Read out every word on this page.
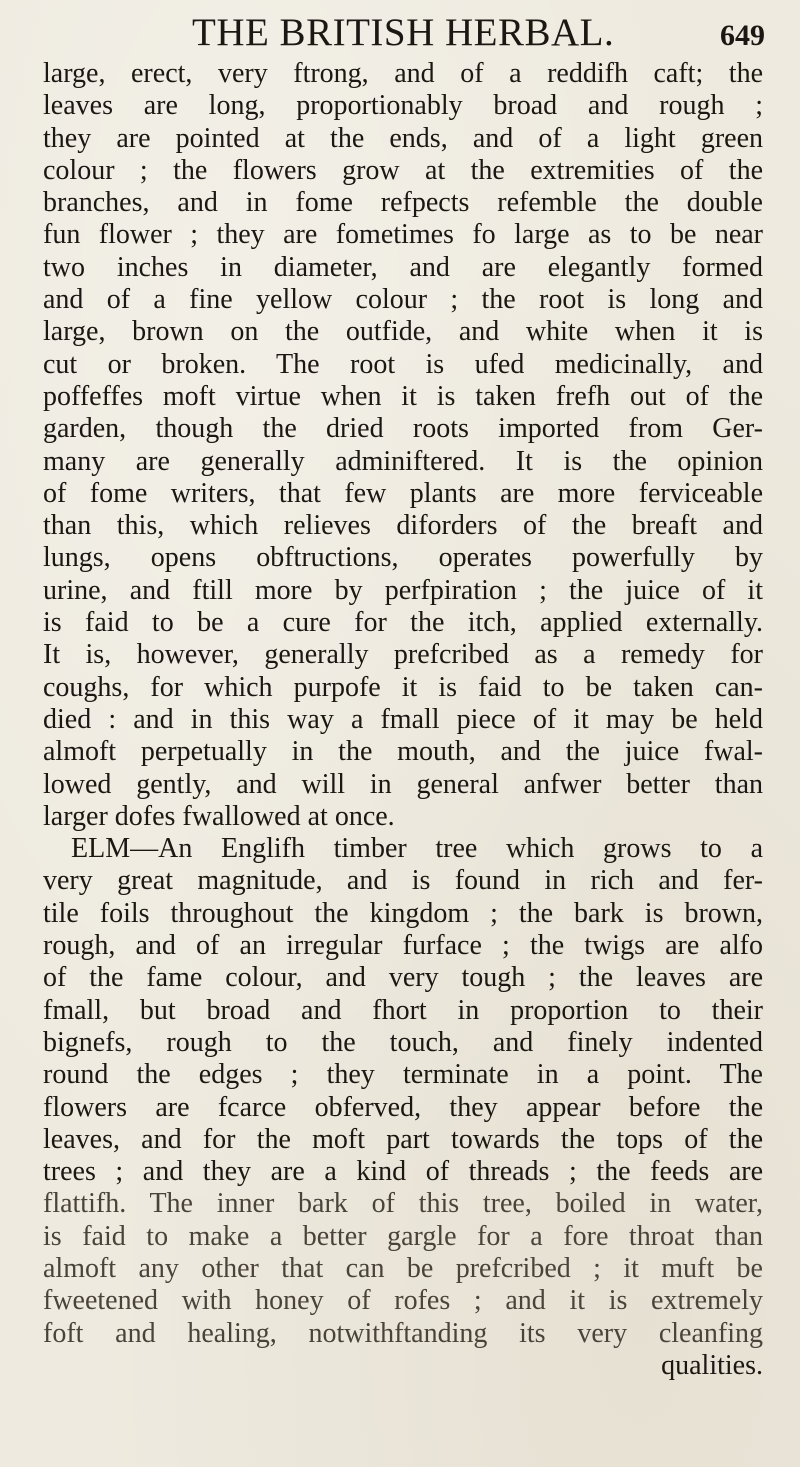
THE BRITISH HERBAL.	649
large, erect, very ftrong, and of a reddifh caft; the
leaves are long, proportionably broad and rough ;
they are pointed at the ends, and of a light green
colour ; the flowers grow at the extremities of the
branches, and in fome refpects refemble the double
fun flower ; they are fometimes fo large as to be near
two inches in diameter, and are elegantly formed
and of a fine yellow colour ; the root is long and
large, brown on the outfide, and white when it is
cut or broken. The root is ufed medicinally, and
poffeffes moft virtue when it is taken frefh out of the
garden, though the dried roots imported from Ger-
many are generally adminiftered. It is the opinion
of fome writers, that few plants are more ferviceable
than this, which relieves diforders of the breaft and
lungs, opens obftructions, operates powerfully by
urine, and ftill more by perfpiration ; the juice of it
is faid to be a cure for the itch, applied externally.
It is, however, generally prefcribed as a remedy for
coughs, for which purpofe it is faid to be taken can-
died : and in this way a fmall piece of it may be held
almoft perpetually in the mouth, and the juice fwal-
lowed gently, and will in general anfwer better than
larger dofes fwallowed at once.
ELM—An Englifh timber tree which grows to a
very great magnitude, and is found in rich and fer-
tile foils throughout the kingdom ; the bark is brown,
rough, and of an irregular furface ; the twigs are alfo
of the fame colour, and very tough ; the leaves are
fmall, but broad and fhort in proportion to their
bignefs, rough to the touch, and finely indented
round the edges ; they terminate in a point. The
flowers are fcarce obferved, they appear before the
leaves, and for the moft part towards the tops of the
trees ; and they are a kind of threads ; the feeds are
flattifh. The inner bark of this tree, boiled in water,
is faid to make a better gargle for a fore throat than
almoft any other that can be prefcribed ; it muft be
fweetened with honey of rofes ; and it is extremely
foft and healing, notwithftanding its very cleanfing
qualities.
